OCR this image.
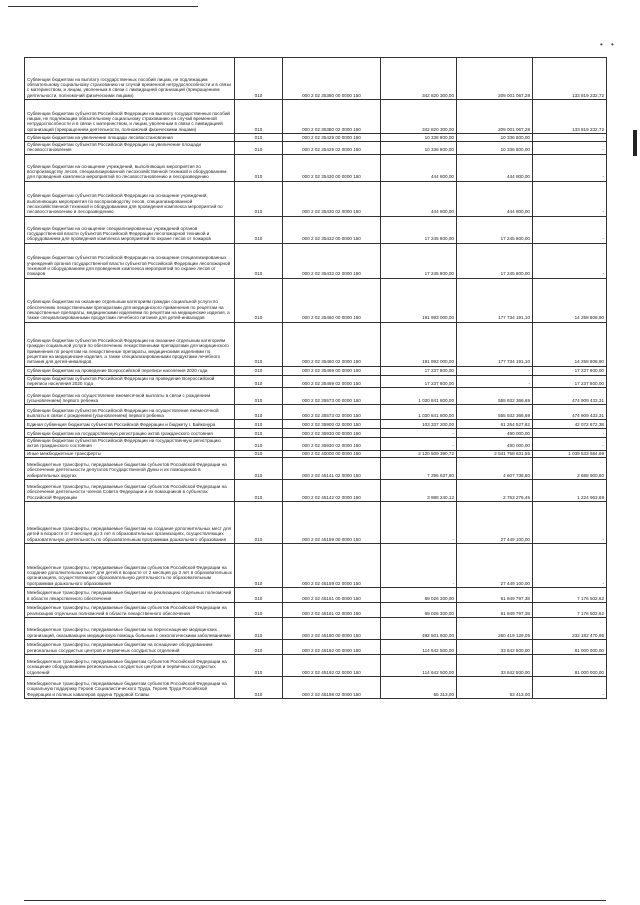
• •
Субвенции бюджетам на выплату государственных пособий лицам, не подлежащим обязательному социальному страхованию на случай временной нетрудоспособности и в связи с материнством, и лицам, уволенным в связи с ликвидацией организаций (прекращением деятельности, полномочий физическими лицами)	010	000 2 02 35380 00 0000 150	342 820 300,00	209 001 067,28	133 819 232,72
Субвенции бюджетам субъектов Российской Федерации на выплату государственных пособий лицам, не подлежащим обязательному социальному страхованию на случай временной нетрудоспособности и в связи с материнством, и лицам, уволенным в связи с ликвидацией организаций (прекращением деятельности, полномочий физическими лицами)	010	000 2 02 35380 02 0000 150	342 820 300,00	209 001 067,28	133 819 232,72
Субвенции бюджетам на увеличение площади лесовосстановления	010	000 2 02 35429 00 0000 150	10 336 800,00	10 336 800,00	-
Субвенции бюджетам субъектов Российской Федерации на увеличение площади лесовосстановления	010	000 2 02 35429 02 0000 150	10 336 800,00	10 336 800,00	-
Субвенции бюджетам на оснащение учреждений, выполняющих мероприятия по воспроизводству лесов, специализированной лесохозяйственной техникой и оборудованием для проведения комплекса мероприятий по лесовосстановлению и лесоразведению	010	000 2 02 35430 00 0000 150	444 800,00	444 800,00	-
Субвенции бюджетам субъектов Российской Федерации на оснащение учреждений, выполняющих мероприятия по воспроизводству лесов, специализированной лесохозяйственной техникой и оборудованием для проведения комплекса мероприятий по лесовосстановлению и лесоразведению	010	000 2 02 35430 02 0000 150	444 800,00	444 800,00	-
Субвенции бюджетам на оснащение специализированных учреждений органов государственной власти субъектов Российской Федерации лесопожарной техникой и оборудованием для проведения комплекса мероприятий по охране лесов от пожаров	010	000 2 02 35432 00 0000 150	17 245 800,00	17 245 800,00	-
Субвенции бюджетам субъектов Российской Федерации на оснащение специализированных учреждений органов государственной власти субъектов Российской Федерации лесопожарной техникой и оборудованием для проведения комплекса мероприятий по охране лесов от пожаров	010	000 2 02 35432 02 0000 150	17 245 800,00	17 245 800,00	-
Субвенции бюджетам на оказание отдельным категориям граждан социальной услуги по обеспечению лекарственными препаратами для медицинского применения по рецептам на лекарственные препараты, медицинскими изделиями по рецептам на медицинские изделия, а также специализированными продуктами лечебного питания для детей-инвалидов	010	000 2 02 35460 00 0000 150	191 993 000,00	177 734 191,10	14 258 808,90
Субвенции бюджетам субъектов Российской Федерации на оказание отдельным категориям граждан социальной услуги по обеспечению лекарственными препаратами для медицинского применения по рецептам на лекарственные препараты, медицинскими изделиями по рецептам на медицинские изделия, а также специализированными продуктами лечебного питания для детей-инвалидов	010	000 2 02 35460 02 0000 150	191 993 000,00	177 734 191,10	14 258 808,90
Субвенции бюджетам на проведение Всероссийской переписи населения 2020 года	010	000 2 02 35469 00 0000 150	17 237 800,00	-	17 237 800,00
Субвенции бюджетам субъектов Российской Федерации на проведение Всероссийской переписи населения 2020 года	010	000 2 02 35469 02 0000 150	17 237 800,00	-	17 237 800,00
Субвенции бюджетам на осуществление ежемесячной выплаты в связи с рождением (усыновлением) первого ребенка	010	000 2 02 35573 00 0000 150	1 030 841 800,00	555 932 366,69	474 909 433,31
Субвенции бюджетам субъектов Российской Федерации на осуществление ежемесячной выплаты в связи с рождением (усыновлением) первого ребенка	010	000 2 02 35573 02 0000 150	1 030 841 800,00	555 932 366,69	474 909 433,31
Единая субвенция бюджетам субъектов Российской Федерации и бюджету г. Байконура	010	000 2 02 35900 02 0000 150	103 337 200,00	61 264 527,62	42 072 672,38
Субвенции бюджетам на государственную регистрацию актов гражданского состояния	010	000 2 02 35930 00 0000 150	-	490 000,00	-
Субвенции бюджетам субъектов Российской Федерации на государственную регистрацию актов гражданского состояния	010	000 2 02 35930 02 0000 150	-	490 000,00	-
Иные межбюджетные трансферты	010	000 2 02 40000 00 0000 150	2 120 509 390,72	2 541 758 631,55	1 039 533 584,69
Межбюджетные трансферты, передаваемые бюджетам субъектов Российской Федерации на обеспечение деятельности депутатов Государственной Думы и их помощников в избирательных округах	010	000 2 02 45141 02 0000 150	7 296 637,80	4 607 736,80	2 688 900,80
Межбюджетные трансферты, передаваемые бюджетам субъектов Российской Федерации на обеспечение деятельности членов Совета Федерации и их помощников в субъектах Российской Федерации	010	000 2 02 45142 02 0000 150	3 988 240,12	2 763 276,45	1 224 963,68
Межбюджетные трансферты, передаваемые бюджетам на создание дополнительных мест для детей в возрасте от 2 месяцев до 3 лет в образовательных организациях, осуществляющих образовательную деятельность по образовательным программам дошкольного образования	010	000 2 02 45159 00 0000 150	-	27 449 100,00	-
Межбюджетные трансферты, передаваемые бюджетам субъектов Российской Федерации на создание дополнительных мест для детей в возрасте от 2 месяцев до 3 лет в образовательных организациях, осуществляющих образовательную деятельность по образовательным программам дошкольного образования	010	000 2 02 45159 02 0000 150	-	27 449 100,00	-
Межбюджетные трансферты, передаваемые бюджетам на реализацию отдельных полномочий в области лекарственного обеспечения	010	000 2 02 45161 00 0000 150	69 026 300,00	61 849 797,38	7 176 502,62
Межбюджетные трансферты, передаваемые бюджетам субъектов Российской Федерации на реализацию отдельных полномочий в области лекарственного обеспечения	010	000 2 02 45161 02 0000 150	69 026 300,00	61 849 797,38	7 176 502,62
Межбюджетные трансферты, передаваемые бюджетам на переоснащение медицинских организаций, оказывающих медицинскую помощь больным с онкологическими заболеваниями	010	000 2 02 45190 00 0000 150	492 501 600,00	260 419 129,05	232 182 470,95
Межбюджетные трансферты, передаваемые бюджетам на оснащение оборудованием региональных сосудистых центров и первичных сосудистых отделений	010	000 2 02 45192 00 0000 150	114 642 500,00	33 642 500,00	81 000 000,00
Межбюджетные трансферты, передаваемые бюджетам субъектов Российской Федерации на оснащение оборудованием региональных сосудистых центров и первичных сосудистых отделений	010	000 2 02 45192 02 0000 150	114 642 500,00	33 642 500,00	81 000 000,00
Межбюджетные трансферты, передаваемые бюджетам субъектов Российской Федерации на социальную поддержку Героев Социалистического Труда, Героев Труда Российской Федерации и полных кавалеров ордена Трудовой Славы	010	000 2 02 45198 02 0000 150	55 313,00	63 413,00	-
